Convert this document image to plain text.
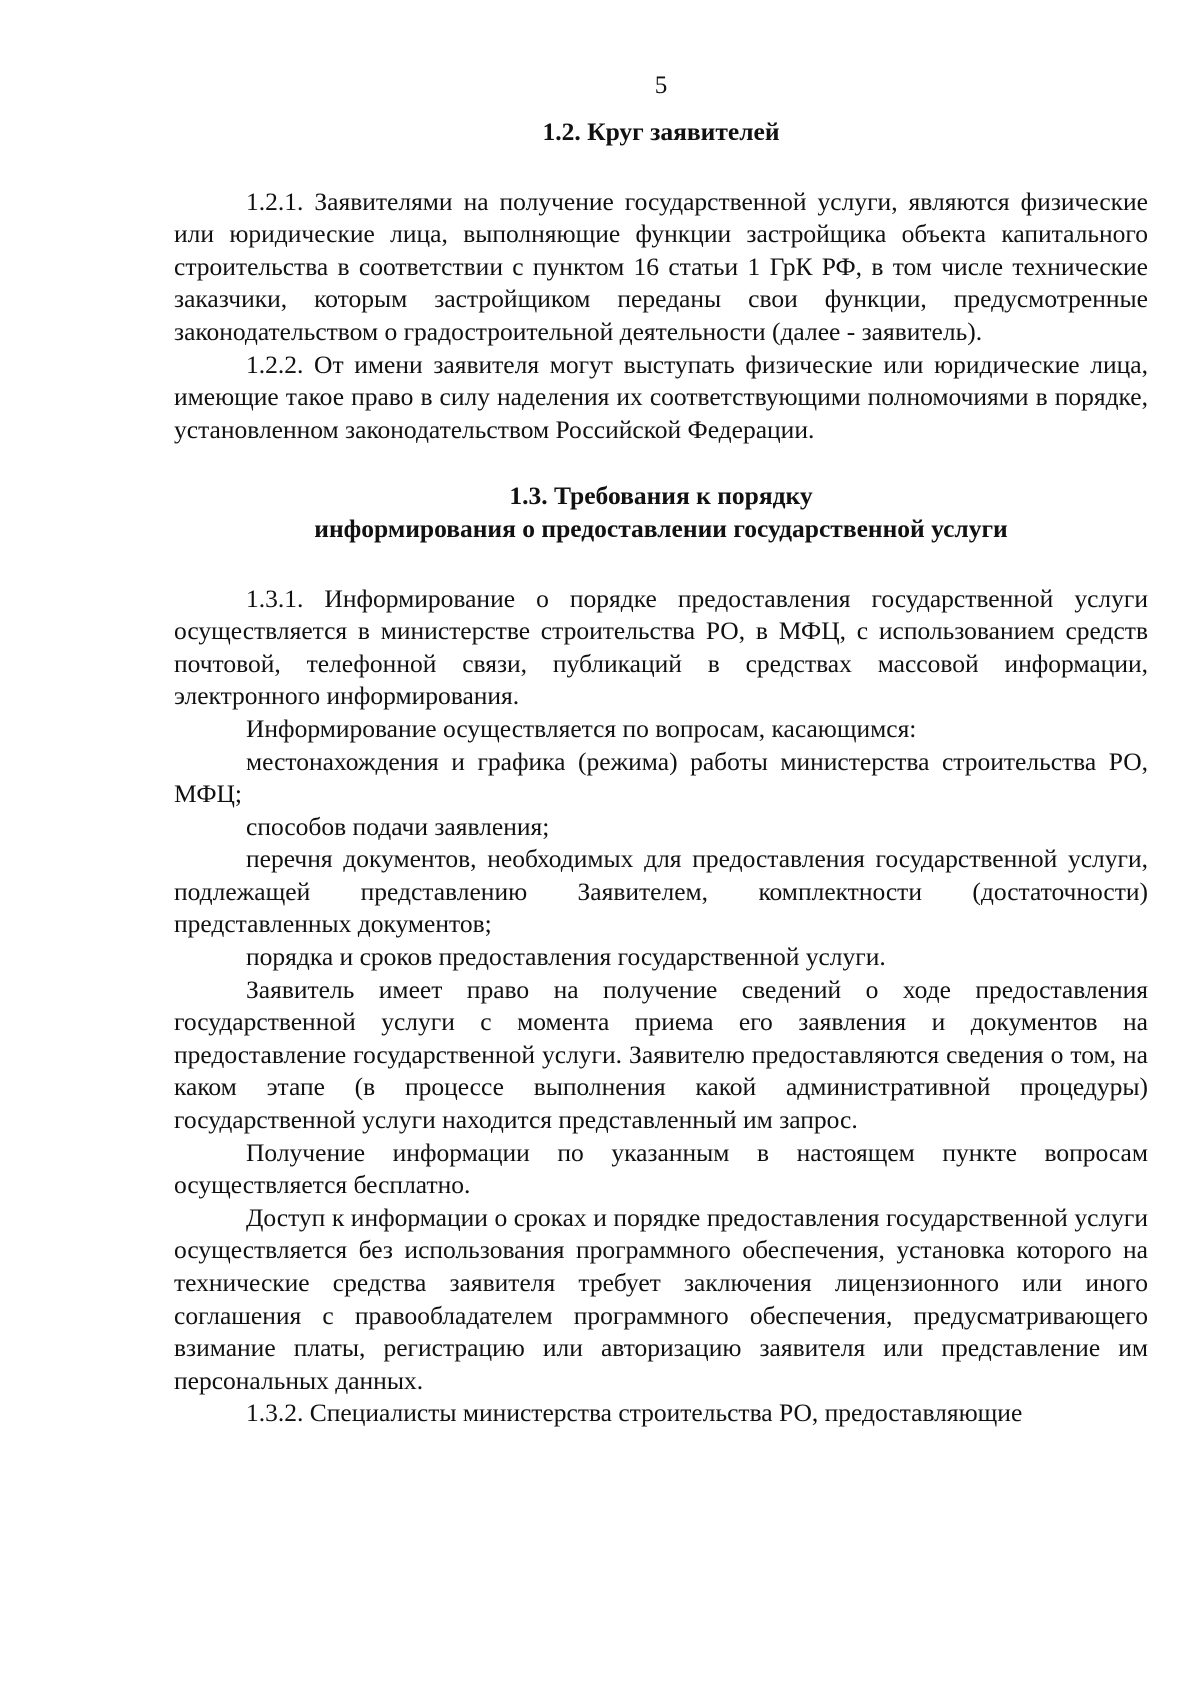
5
1.2. Круг заявителей

1.2.1. Заявителями на получение государственной услуги, являются физические или юридические лица, выполняющие функции застройщика объекта капитального строительства в соответствии с пунктом 16 статьи 1 ГрК РФ, в том числе технические заказчики, которым застройщиком переданы свои функции, предусмотренные законодательством о градостроительной деятельности (далее - заявитель).

1.2.2. От имени заявителя могут выступать физические или юридические лица, имеющие такое право в силу наделения их соответствующими полномочиями в порядке, установленном законодательством Российской Федерации.

1.3. Требования к порядку
информирования о предоставлении государственной услуги

1.3.1. Информирование о порядке предоставления государственной услуги осуществляется в министерстве строительства РО, в МФЦ, с использованием средств почтовой, телефонной связи, публикаций в средствах массовой информации, электронного информирования.

Информирование осуществляется по вопросам, касающимся:

местонахождения и графика (режима) работы министерства строительства РО, МФЦ;

способов подачи заявления;

перечня документов, необходимых для предоставления государственной услуги, подлежащей представлению Заявителем, комплектности (достаточности) представленных документов;

порядка и сроков предоставления государственной услуги.

Заявитель имеет право на получение сведений о ходе предоставления государственной услуги с момента приема его заявления и документов на предоставление государственной услуги. Заявителю предоставляются сведения о том, на каком этапе (в процессе выполнения какой административной процедуры) государственной услуги находится представленный им запрос.

Получение информации по указанным в настоящем пункте вопросам осуществляется бесплатно.

Доступ к информации о сроках и порядке предоставления государственной услуги осуществляется без использования программного обеспечения, установка которого на технические средства заявителя требует заключения лицензионного или иного соглашения с правообладателем программного обеспечения, предусматривающего взимание платы, регистрацию или авторизацию заявителя или представление им персональных данных.

1.3.2. Специалисты министерства строительства РО, предоставляющие
